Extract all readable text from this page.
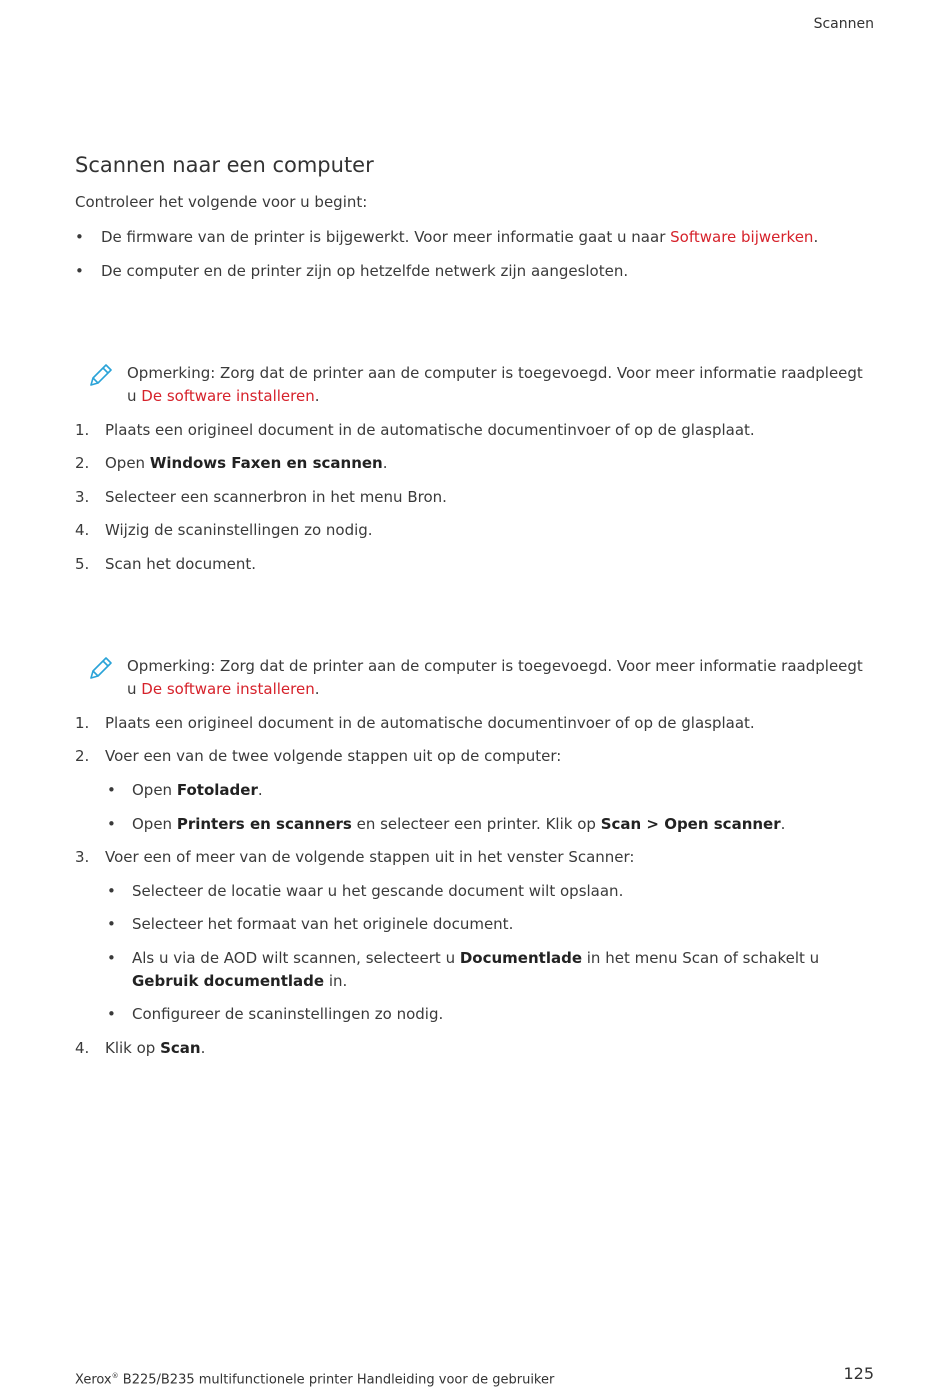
Scannen
Scannen naar een computer
Controleer het volgende voor u begint:
•	De firmware van de printer is bijgewerkt. Voor meer informatie gaat u naar Software bijwerken.
•	De computer en de printer zijn op hetzelfde netwerk zijn aangesloten.
Opmerking: Zorg dat de printer aan de computer is toegevoegd. Voor meer informatie raadpleegt u De software installeren.
1.	Plaats een origineel document in de automatische documentinvoer of op de glasplaat.
2.	Open Windows Faxen en scannen.
3.	Selecteer een scannerbron in het menu Bron.
4.	Wijzig de scaninstellingen zo nodig.
5.	Scan het document.
Opmerking: Zorg dat de printer aan de computer is toegevoegd. Voor meer informatie raadpleegt u De software installeren.
1.	Plaats een origineel document in de automatische documentinvoer of op de glasplaat.
2.	Voer een van de twee volgende stappen uit op de computer:
•	Open Fotolader.
•	Open Printers en scanners en selecteer een printer. Klik op Scan > Open scanner.
3.	Voer een of meer van de volgende stappen uit in het venster Scanner:
•	Selecteer de locatie waar u het gescande document wilt opslaan.
•	Selecteer het formaat van het originele document.
•	Als u via de AOD wilt scannen, selecteert u Documentlade in het menu Scan of schakelt u Gebruik documentlade in.
•	Configureer de scaninstellingen zo nodig.
4.	Klik op Scan.
Xerox® B225/B235 multifunctionele printer Handleiding voor de gebruiker	125
